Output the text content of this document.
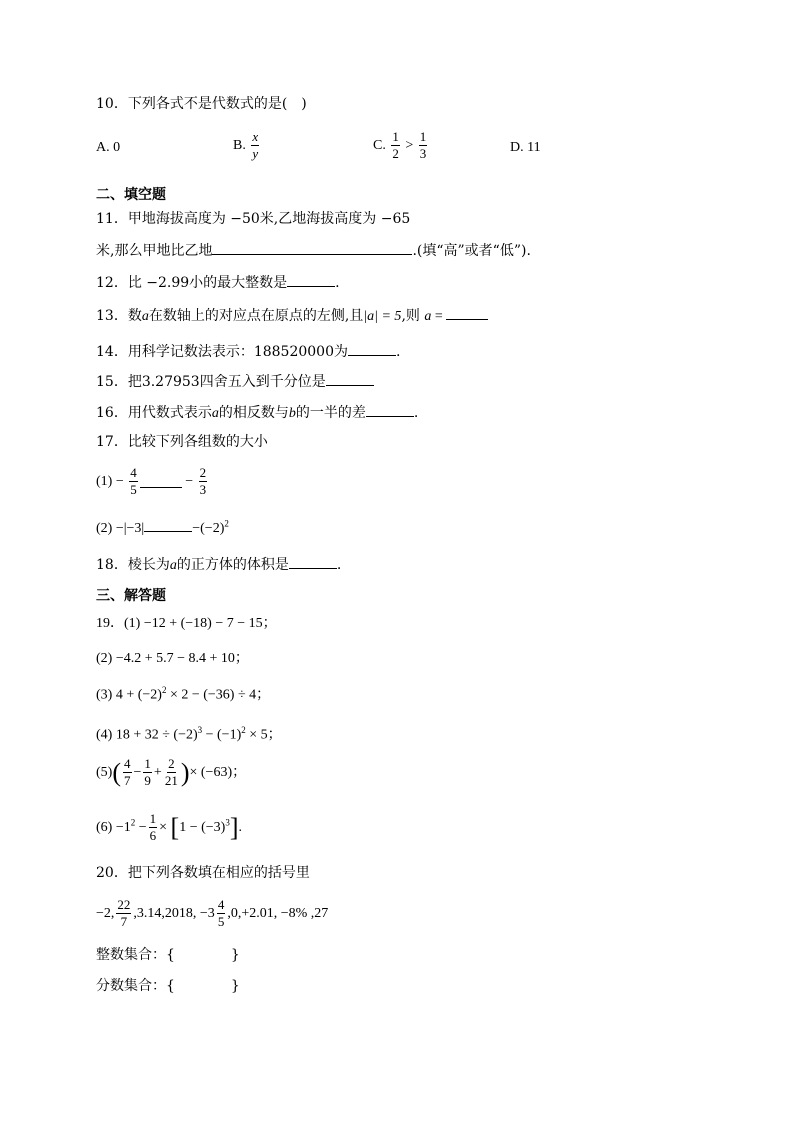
10．下列各式不是代数式的是(　)
A. 0	B. $\frac{x}{y}$	C. $\frac{1}{2} > \frac{1}{3}$	D. 11
二、填空题
11．甲地海拔高度为 −50米,乙地海拔高度为 −65
米,那么甲地比乙地	.(填“高”或者“低”).
12．比 −2.99小的最大整数是	.
13．数a在数轴上的对应点在原点的左侧,且|a| = 5,则 a =
14．用科学记数法表示：188520000为	.
15．把3.27953四舍五入到千分位是
16．用代数式表示a的相反数与b的一半的差	.
17．比较下列各组数的大小
$(1) - \frac{4}{5}$	− $\frac{2}{3}$
(2) −|−3|	$-(-2)^2$
18．棱长为a的正方体的体积是	.
三、解答题
19．(1) −12 + (−18) − 7 − 15；
(2) −4.2 + 5.7 − 8.4 + 10；
(3) $4 + (-2)^2 \times 2 - (-36) \div 4$；
(4) $18 + 32 \div (-2)^3 - (-1)^2 \times 5$；
$(5)( \frac{4}{7} - \frac{1}{9} + \frac{2}{21}$ )× (−63)；
$(6) -1^2 - \frac{1}{6} \times [1 - (-3)^3]$.
20．把下列各数填在相应的括号里
−2, $\frac{22}{7} ,3.14,2018$, $-3 \frac{4}{5} ,0,+2.01$, −8% ,27
整数集合：{　　　　}
分数集合：{　　　　}
